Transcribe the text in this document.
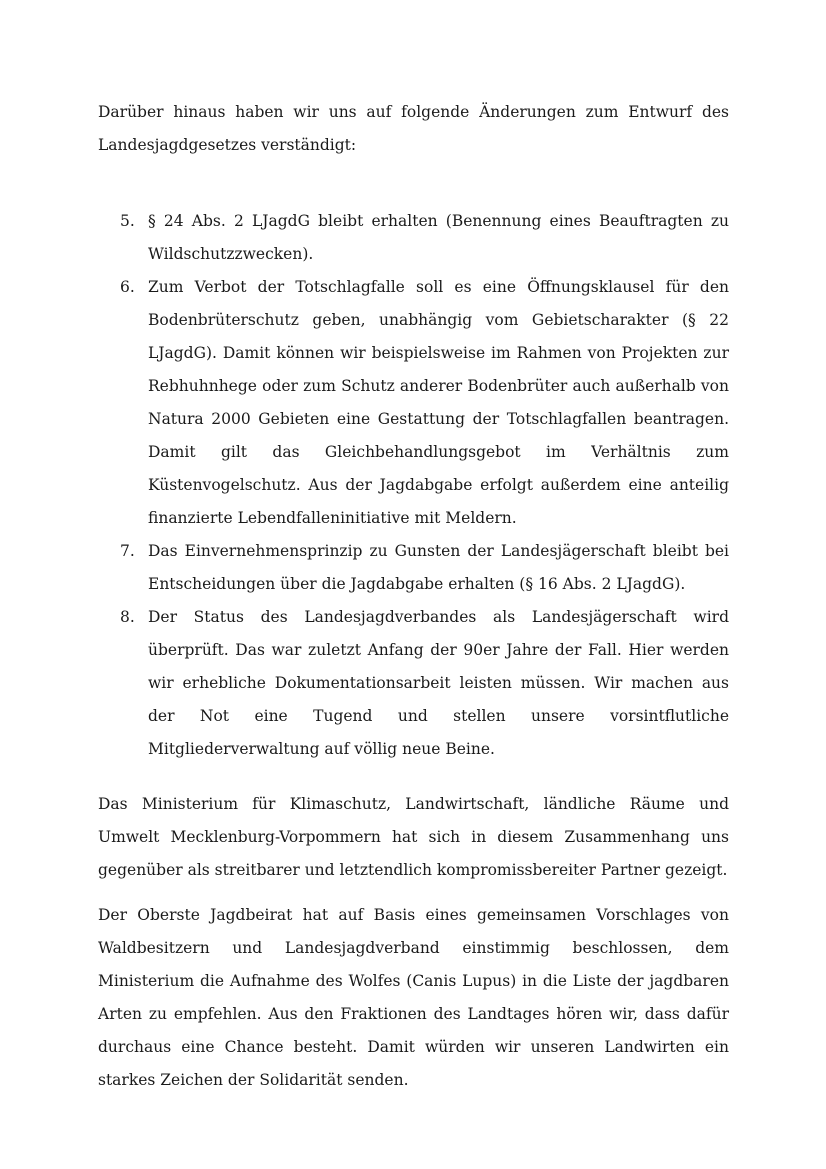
Darüber hinaus haben wir uns auf folgende Änderungen zum Entwurf des Landesjagdgesetzes verständigt:

5. § 24 Abs. 2 LJagdG bleibt erhalten (Benennung eines Beauftragten zu Wildschutzzwecken).
6. Zum Verbot der Totschlagfalle soll es eine Öffnungsklausel für den Bodenbrüterschutz geben, unabhängig vom Gebietscharakter (§ 22 LJagdG). Damit können wir beispielsweise im Rahmen von Projekten zur Rebhuhnhege oder zum Schutz anderer Bodenbrüter auch außerhalb von Natura 2000 Gebieten eine Gestattung der Totschlagfallen beantragen. Damit gilt das Gleichbehandlungsgebot im Verhältnis zum Küstenvogelschutz. Aus der Jagdabgabe erfolgt außerdem eine anteilig finanzierte Lebendfalleninitiative mit Meldern.
7. Das Einvernehmensprinzip zu Gunsten der Landesjägerschaft bleibt bei Entscheidungen über die Jagdabgabe erhalten (§ 16 Abs. 2 LJagdG).
8. Der Status des Landesjagdverbandes als Landesjägerschaft wird überprüft. Das war zuletzt Anfang der 90er Jahre der Fall. Hier werden wir erhebliche Dokumentationsarbeit leisten müssen. Wir machen aus der Not eine Tugend und stellen unsere vorsintflutliche Mitgliederverwaltung auf völlig neue Beine.

Das Ministerium für Klimaschutz, Landwirtschaft, ländliche Räume und Umwelt Mecklenburg-Vorpommern hat sich in diesem Zusammenhang uns gegenüber als streitbarer und letztendlich kompromissbereiter Partner gezeigt.

Der Oberste Jagdbeirat hat auf Basis eines gemeinsamen Vorschlages von Waldbesitzern und Landesjagdverband einstimmig beschlossen, dem Ministerium die Aufnahme des Wolfes (Canis Lupus) in die Liste der jagdbaren Arten zu empfehlen. Aus den Fraktionen des Landtages hören wir, dass dafür durchaus eine Chance besteht. Damit würden wir unseren Landwirten ein starkes Zeichen der Solidarität senden.
